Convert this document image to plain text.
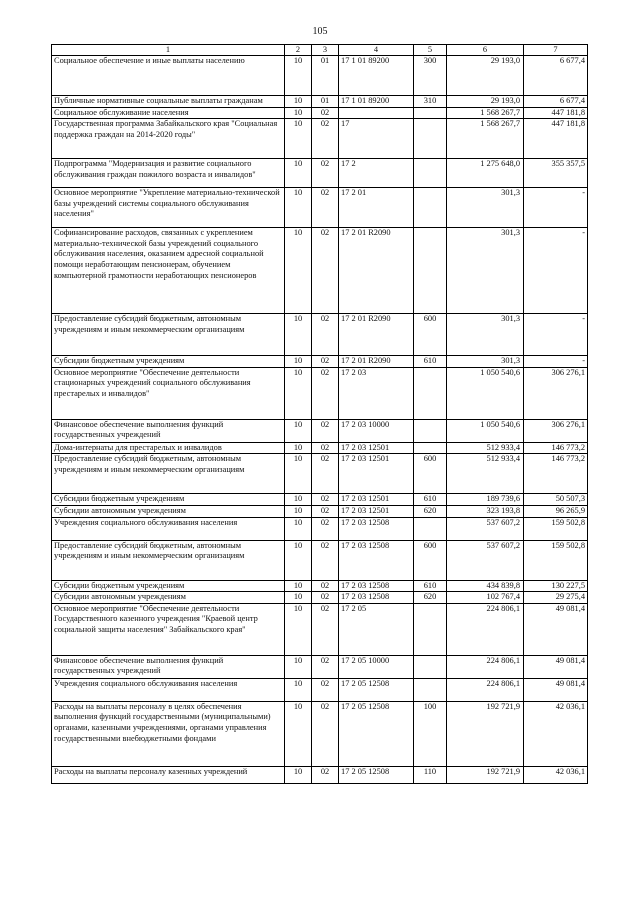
105
1	2	3	4	5	6	7
Социальное обеспечение и иные выплаты населению	10	01	17 1 01 89200	300	29 193,0	6 677,4
Публичные нормативные социальные выплаты гражданам	10	01	17 1 01 89200	310	29 193,0	6 677,4
Социальное обслуживание населения	10	02			1 568 267,7	447 181,8
Государственная программа Забайкальского края "Социальная поддержка граждан на 2014-2020 годы"	10	02	17		1 568 267,7	447 181,8
Подпрограмма "Модернизация и развитие социального обслуживания граждан пожилого возраста и инвалидов"	10	02	17 2		1 275 648,0	355 357,5
Основное мероприятие "Укрепление материально-технической базы учреждений системы социального обслуживания населения"	10	02	17 2 01		301,3	-
Софинансирование расходов, связанных с укреплением материально-технической базы учреждений социального обслуживания населения, оказанием адресной социальной помощи неработающим пенсионерам, обучением компьютерной грамотности неработающих пенсионеров	10	02	17 2 01 R2090		301,3	-
Предоставление субсидий бюджетным, автономным учреждениям и иным некоммерческим организациям	10	02	17 2 01 R2090	600	301,3	-
Субсидии бюджетным учреждениям	10	02	17 2 01 R2090	610	301,3	-
Основное мероприятие "Обеспечение деятельности стационарных учреждений социального обслуживания престарелых и инвалидов"	10	02	17 2 03		1 050 540,6	306 276,1
Финансовое обеспечение выполнения функций государственных учреждений	10	02	17 2 03 10000		1 050 540,6	306 276,1
Дома-интернаты для престарелых и инвалидов	10	02	17 2 03 12501		512 933,4	146 773,2
Предоставление субсидий бюджетным, автономным учреждениям и иным некоммерческим организациям	10	02	17 2 03 12501	600	512 933,4	146 773,2
Субсидии бюджетным учреждениям	10	02	17 2 03 12501	610	189 739,6	50 507,3
Субсидии автономным учреждениям	10	02	17 2 03 12501	620	323 193,8	96 265,9
Учреждения социального обслуживания населения	10	02	17 2 03 12508		537 607,2	159 502,8
Предоставление субсидий бюджетным, автономным учреждениям и иным некоммерческим организациям	10	02	17 2 03 12508	600	537 607,2	159 502,8
Субсидии бюджетным учреждениям	10	02	17 2 03 12508	610	434 839,8	130 227,5
Субсидии автономным учреждениям	10	02	17 2 03 12508	620	102 767,4	29 275,4
Основное мероприятие "Обеспечение деятельности Государственного казенного учреждения "Краевой центр социальной защиты населения" Забайкальского края"	10	02	17 2 05		224 806,1	49 081,4
Финансовое обеспечение выполнения функций государственных учреждений	10	02	17 2 05 10000		224 806,1	49 081,4
Учреждения социального обслуживания населения	10	02	17 2 05 12508		224 806,1	49 081,4
Расходы на выплаты персоналу в целях обеспечения выполнения функций государственными (муниципальными) органами, казенными учреждениями, органами управления государственными внебюджетными фондами	10	02	17 2 05 12508	100	192 721,9	42 036,1
Расходы на выплаты персоналу казенных учреждений	10	02	17 2 05 12508	110	192 721,9	42 036,1
